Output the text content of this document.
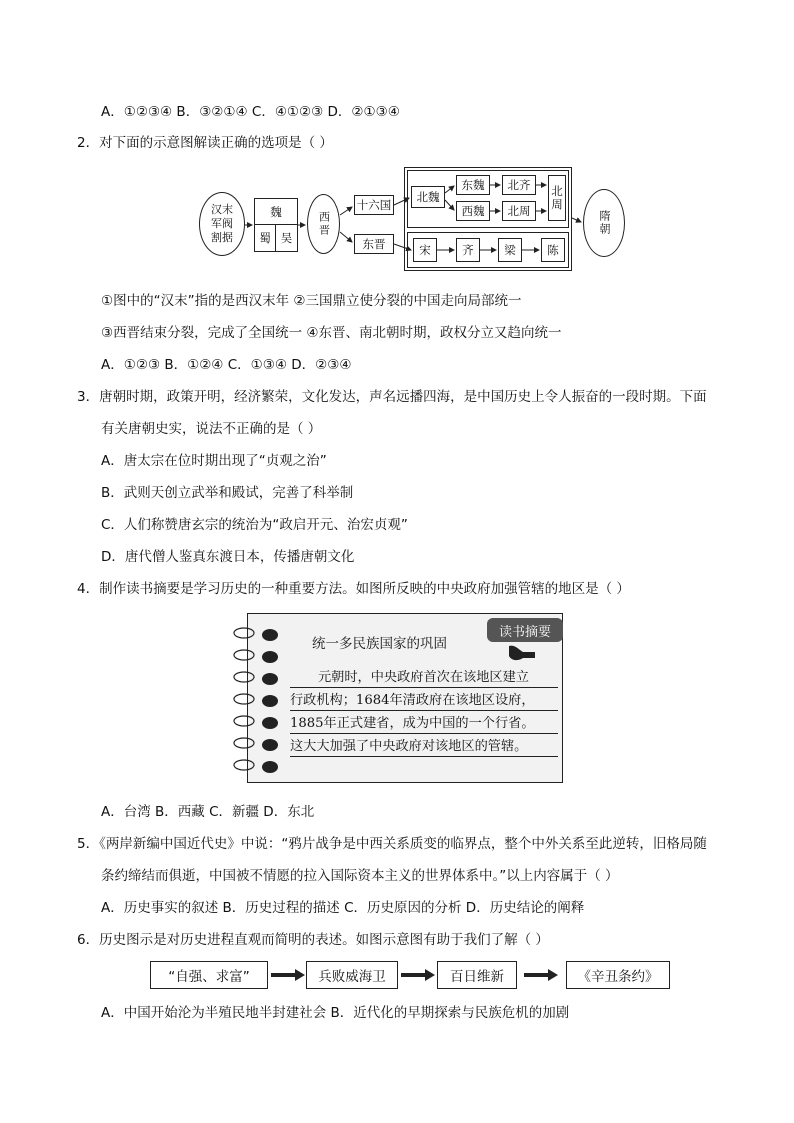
A．①②③④ B．③②①④ C．④①②③ D．②①③④
2．对下面的示意图解读正确的选项是（ ）
汉末
军阀
割据
魏
蜀 吴
西晋
十六国
东晋
北魏
东魏
西魏
北齐
北周	北周
宋	齐	梁	陈
隋朝
①图中的“汉末”指的是西汉末年 ②三国鼎立使分裂的中国走向局部统一
③西晋结束分裂，完成了全国统一 ④东晋、南北朝时期，政权分立又趋向统一
A．①②③ B．①②④ C．①③④ D．②③④
3．唐朝时期，政策开明，经济繁荣，文化发达，声名远播四海，是中国历史上令人振奋的一段时期。下面
有关唐朝史实，说法不正确的是（ ）
A．唐太宗在位时期出现了“贞观之治”
B．武则天创立武举和殿试，完善了科举制
C．人们称赞唐玄宗的统治为“政启开元、治宏贞观”
D．唐代僧人鉴真东渡日本，传播唐朝文化
4．制作读书摘要是学习历史的一种重要方法。如图所反映的中央政府加强管辖的地区是（ ）
统一多民族国家的巩固
读书摘要
元朝时，中央政府首次在该地区建立
行政机构；1684年清政府在该地区设府，
1885年正式建省，成为中国的一个行省。
这大大加强了中央政府对该地区的管辖。
A．台湾 B．西藏 C．新疆 D．东北
5．《两岸新编中国近代史》中说：“鸦片战争是中西关系质变的临界点，整个中外关系至此逆转，旧格局随
条约缔结而俱逝，中国被不情愿的拉入国际资本主义的世界体系中。”以上内容属于（ ）
A．历史事实的叙述 B．历史过程的描述 C．历史原因的分析 D．历史结论的阐释
6．历史图示是对历史进程直观而简明的表述。如图示意图有助于我们了解（ ）
“自强、求富”	兵败威海卫	百日维新	《辛丑条约》
A．中国开始沦为半殖民地半封建社会 B．近代化的早期探索与民族危机的加剧
